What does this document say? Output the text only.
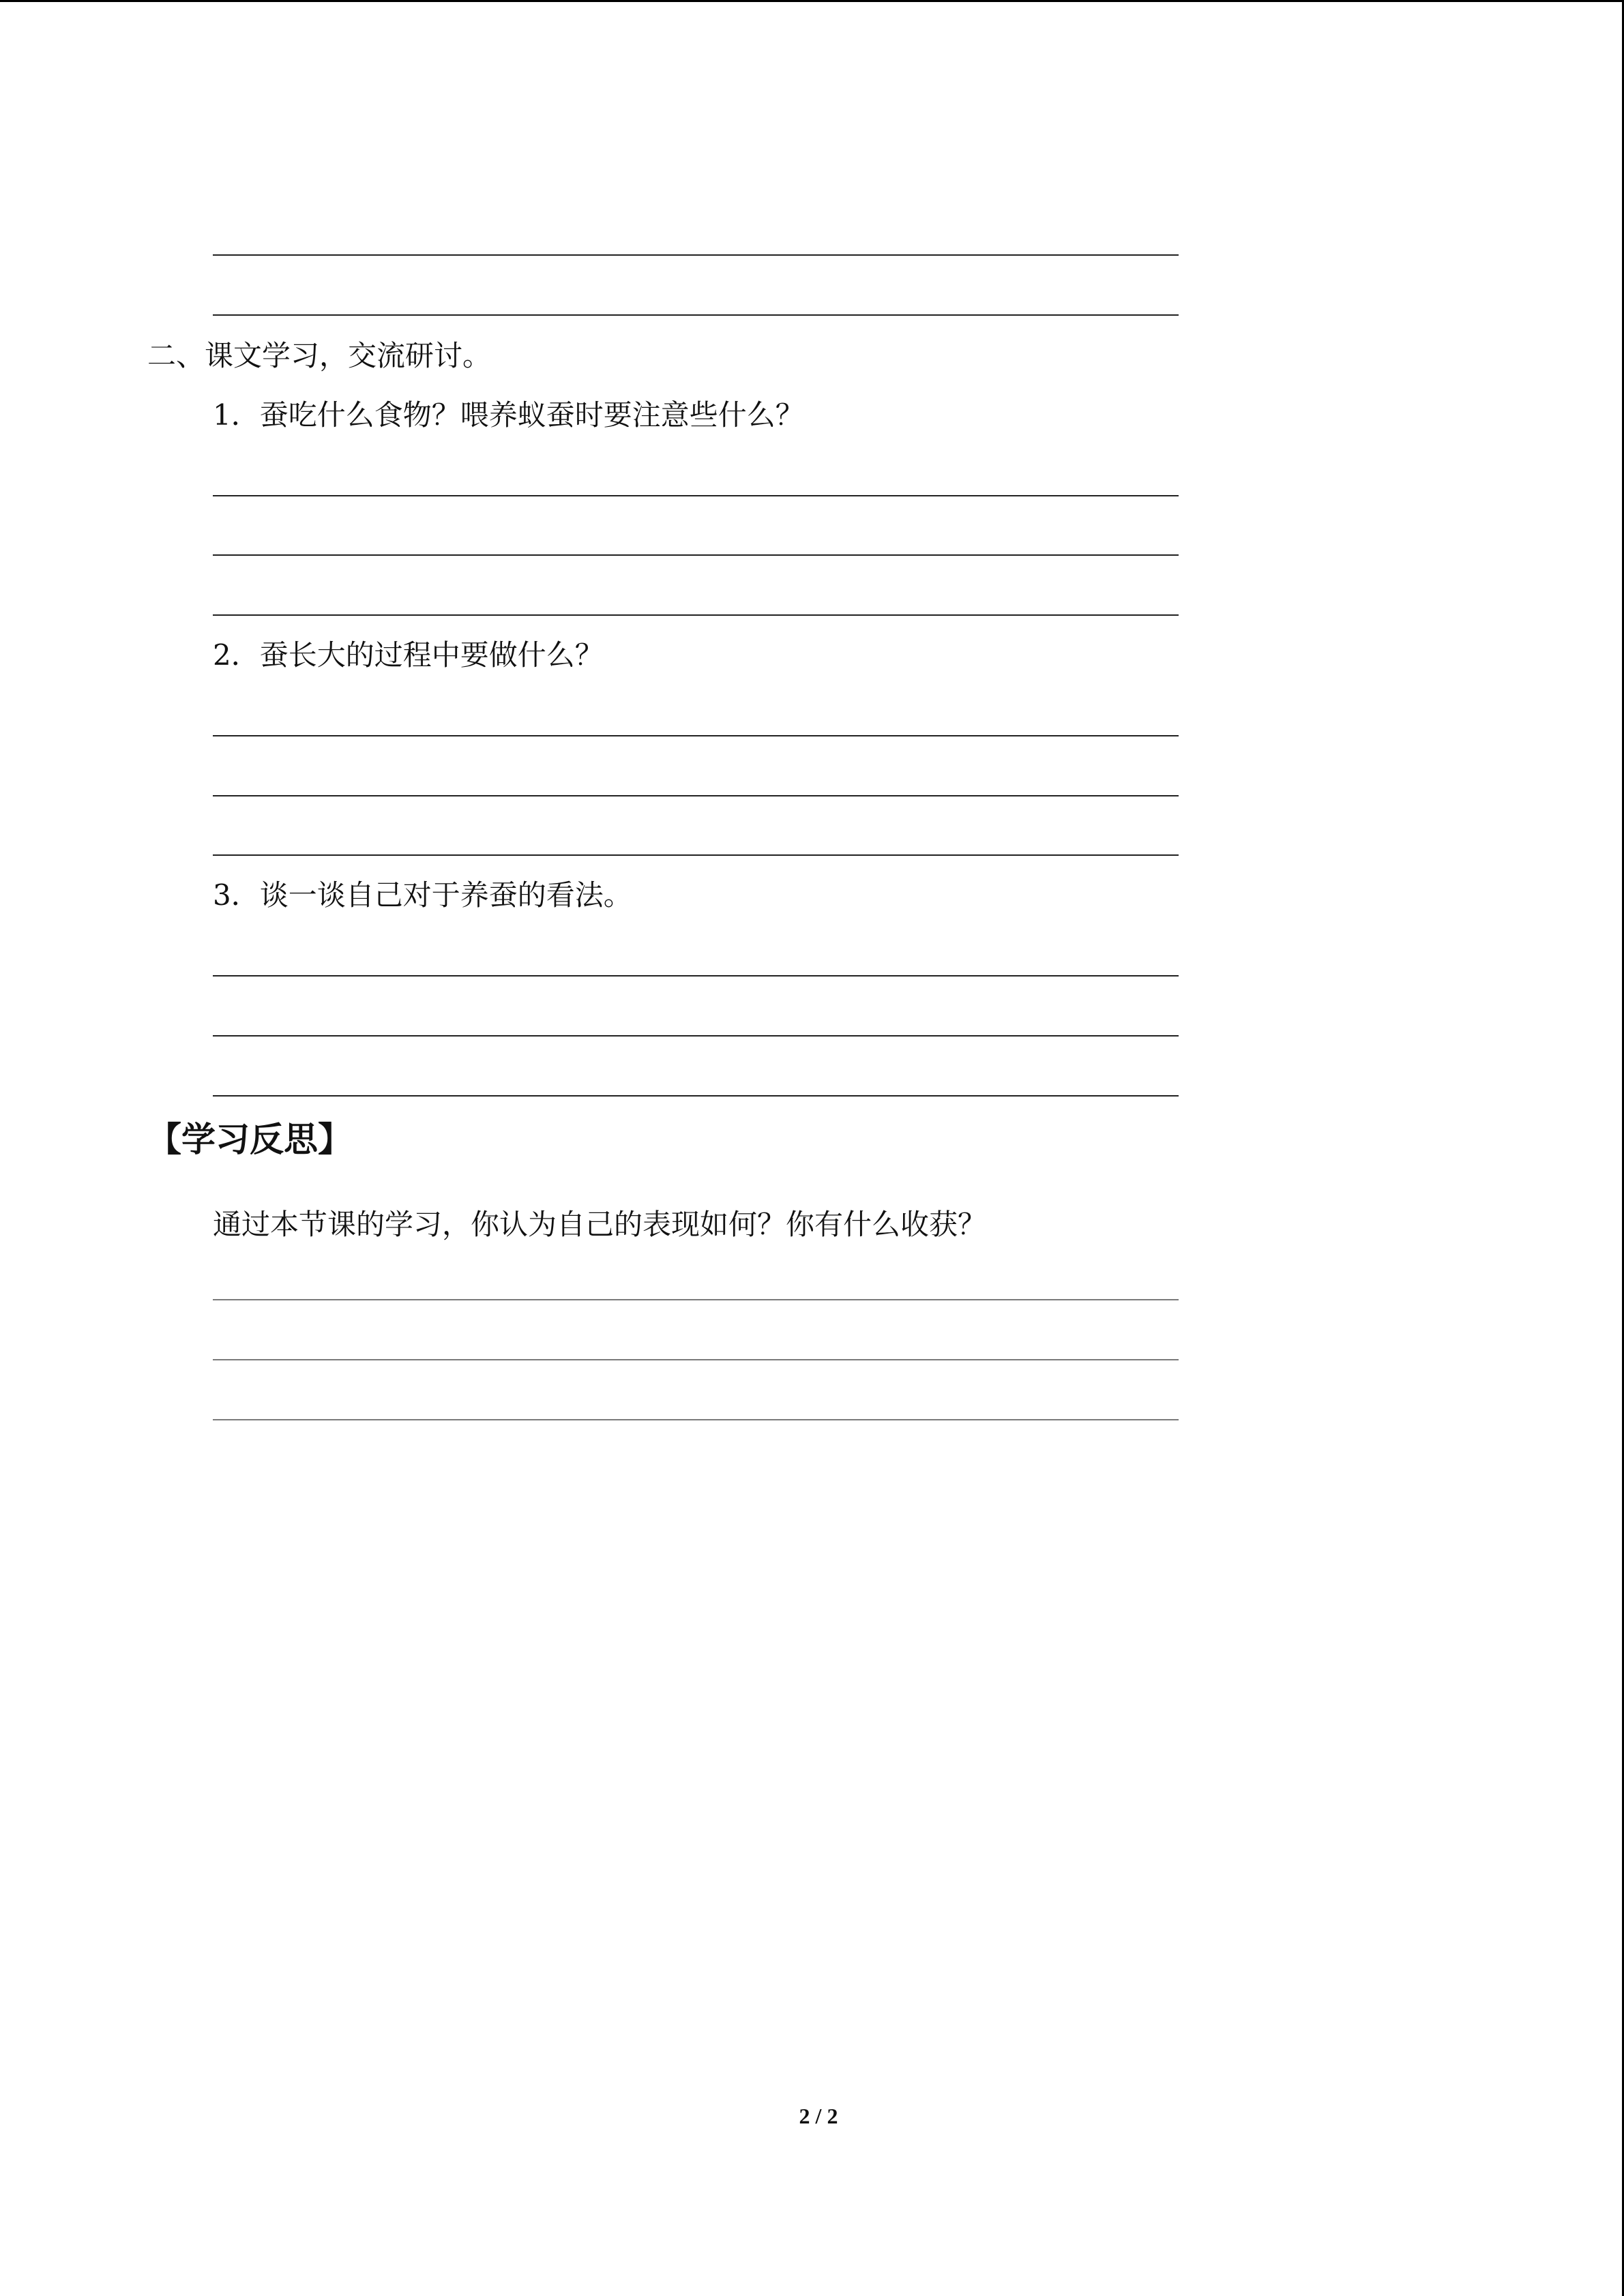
二、课文学习，交流研讨。
1．蚕吃什么食物？喂养蚁蚕时要注意些什么？
2．蚕长大的过程中要做什么？
3．谈一谈自己对于养蚕的看法。
【学习反思】
通过本节课的学习，你认为自己的表现如何？你有什么收获？
2 / 2
